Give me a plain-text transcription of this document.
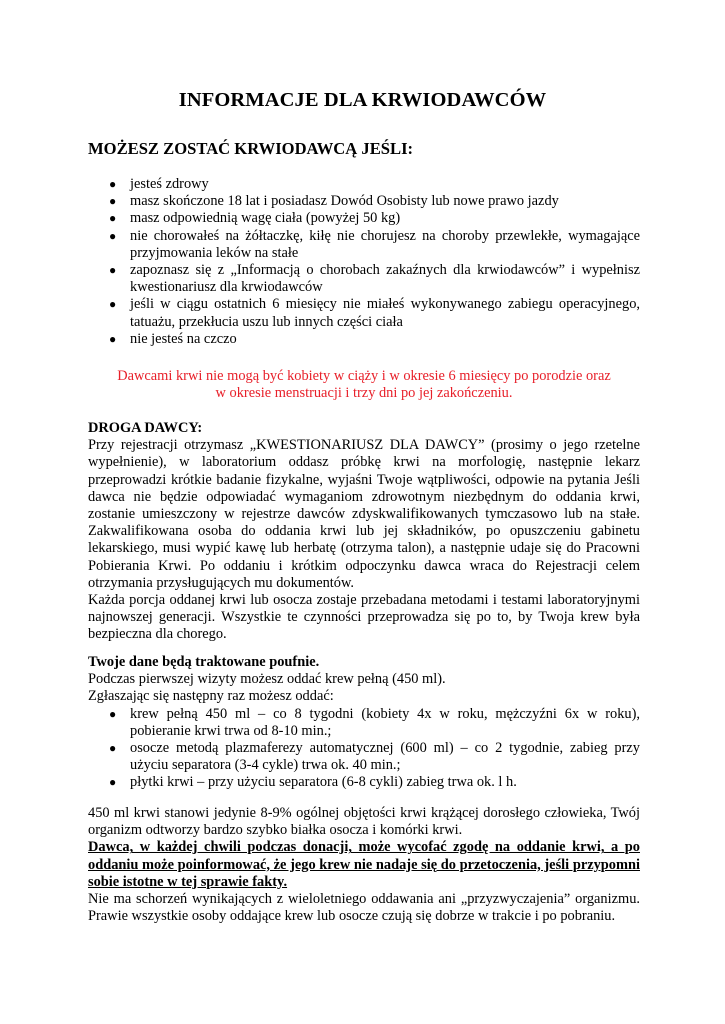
INFORMACJE DLA KRWIODAWCÓW
MOŻESZ ZOSTAĆ KRWIODAWCĄ JEŚLI:
● jesteś zdrowy
● masz skończone 18 lat i posiadasz Dowód Osobisty lub nowe prawo jazdy
● masz odpowiednią wagę ciała (powyżej 50 kg)
● nie chorowałeś na żółtaczkę, kiłę nie chorujesz na choroby przewlekłe, wymagające przyjmowania leków na stałe
● zapoznasz się z „Informacją o chorobach zakaźnych dla krwiodawców” i wypełnisz kwestionariusz dla krwiodawców
● jeśli w ciągu ostatnich 6 miesięcy nie miałeś wykonywanego zabiegu operacyjnego, tatuażu, przekłucia uszu lub innych części ciała
● nie jesteś na czczo
Dawcami krwi nie mogą być kobiety w ciąży i w okresie 6 miesięcy po porodzie oraz
w okresie menstruacji i trzy dni po jej zakończeniu.

DROGA DAWCY:

Przy rejestracji otrzymasz „KWESTIONARIUSZ DLA DAWCY” (prosimy o jego rzetelne wypełnienie), w laboratorium oddasz próbkę krwi na morfologię, następnie lekarz przeprowadzi krótkie badanie fizykalne, wyjaśni Twoje wątpliwości, odpowie na pytania Jeśli dawca nie będzie odpowiadać wymaganiom zdrowotnym niezbędnym do oddania krwi, zostanie umieszczony w rejestrze dawców zdyskwalifikowanych tymczasowo lub na stałe. Zakwalifikowana osoba do oddania krwi lub jej składników, po opuszczeniu gabinetu lekarskiego, musi wypić kawę lub herbatę (otrzyma talon), a następnie udaje się do Pracowni Pobierania Krwi. Po oddaniu i krótkim odpoczynku dawca wraca do Rejestracji celem otrzymania przysługujących mu dokumentów.

Każda porcja oddanej krwi lub osocza zostaje przebadana metodami i testami laboratoryjnymi najnowszej generacji. Wszystkie te czynności przeprowadza się po to, by Twoja krew była bezpieczna dla chorego.

Twoje dane będą traktowane poufnie.

Podczas pierwszej wizyty możesz oddać krew pełną (450 ml).

Zgłaszając się następny raz możesz oddać:

● krew pełną 450 ml – co 8 tygodni (kobiety 4x w roku, mężczyźni 6x w roku), pobieranie krwi trwa od 8-10 min.;
● osocze metodą plazmaferezy automatycznej (600 ml) – co 2 tygodnie, zabieg przy użyciu separatora (3-4 cykle) trwa ok. 40 min.;
● płytki krwi – przy użyciu separatora (6-8 cykli) zabieg trwa ok. l h.

450 ml krwi stanowi jedynie 8-9% ogólnej objętości krwi krążącej dorosłego człowieka, Twój organizm odtworzy bardzo szybko białka osocza i komórki krwi.

Dawca, w każdej chwili podczas donacji, może wycofać zgodę na oddanie krwi, a po oddaniu może poinformować, że jego krew nie nadaje się do przetoczenia, jeśli przypomni sobie istotne w tej sprawie fakty.

Nie ma schorzeń wynikających z wieloletniego oddawania ani „przyzwyczajenia” organizmu. Prawie wszystkie osoby oddające krew lub osocze czują się dobrze w trakcie i po pobraniu.
